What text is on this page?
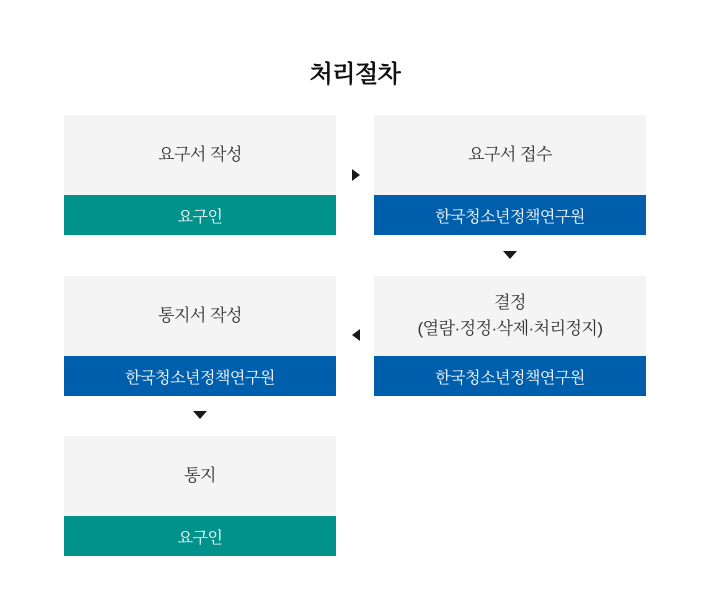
처리절차
요구서 작성
요구인
요구서 접수
한국청소년정책연구원
결정
(열람·정정·삭제·처리정지)
한국청소년정책연구원
통지서 작성
한국청소년정책연구원
통지
요구인
